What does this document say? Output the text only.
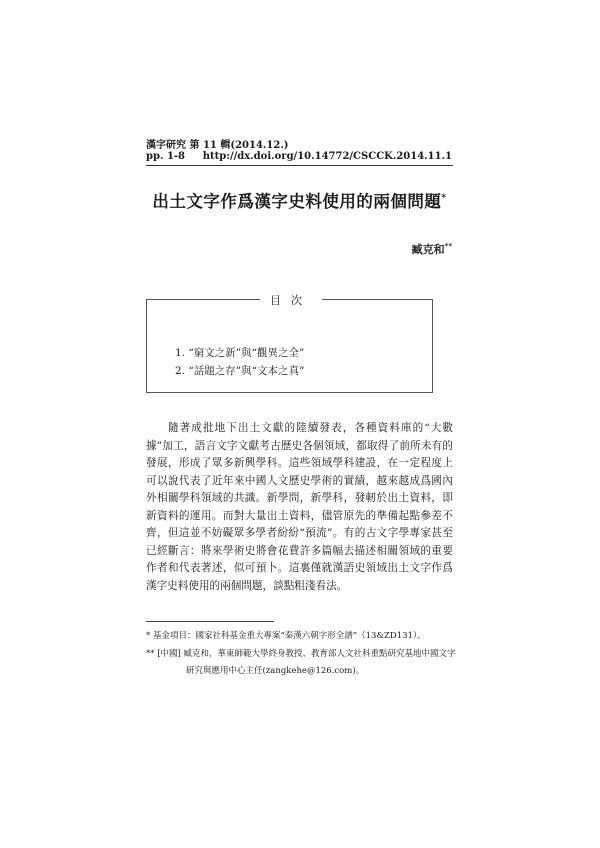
漢字研究 第 11 輯(2014.12.)
pp. 1-8 http://dx.doi.org/10.14772/CSCCK.2014.11.1
出土文字作爲漢字史料使用的兩個問題*
臧克和**
目次
1. “窮文之新”與“觀異之全”
2. “話題之存”與“文本之真”

隨著成批地下出土文獻的陸續發表，各種資料庫的“大數據”加工，語言文字文獻考古歷史各個領域，都取得了前所未有的發展，形成了眾多新興學科。這些領域學科建設，在一定程度上可以說代表了近年來中國人文歷史學術的實績，越來越成爲國內外相關學科領域的共識。新學問，新學科，發軔於出土資料，即新資料的運用。而對大量出土資料，儘管原先的準備起點參差不齊，但這並不妨礙眾多學者紛紛“預流”。有的古文字學專家甚至已經斷言：將來學術史將會花費許多篇幅去描述相關領域的重要作者和代表著述，似可預卜。這裏僅就漢語史領域出土文字作爲漢字史料使用的兩個問題，談點粗淺看法。

* 基金項目：國家社科基金重大專案“秦漢六朝字形全譜”（13&ZD131）。
** [中國] 臧克和，華東師範大學終身教授、教育部人文社科重點研究基地中國文字
研究與應用中心主任(zangkehe@126.com)。
